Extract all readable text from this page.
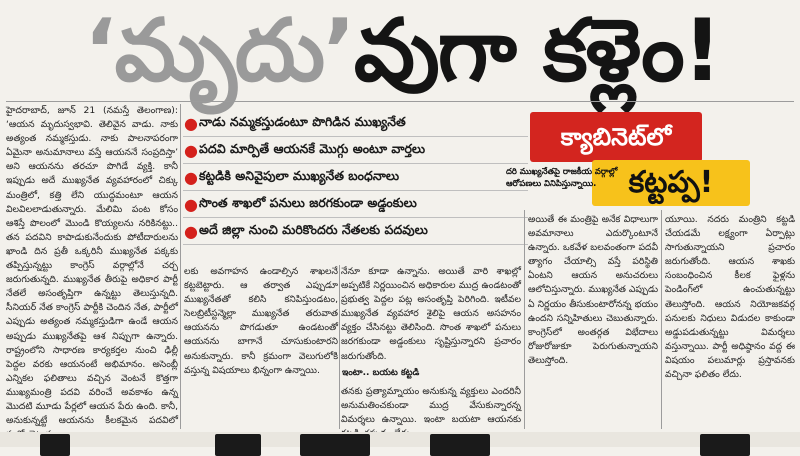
‘మృదు’వుగా కళ్లెం!
హైదరాబాద్, జూన్ 21 (నమస్తే తెలంగాణ): ‘ఆయన మృదుస్వభావి. తెలివైన వాడు. నాకు అత్యంత నమ్మకస్తుడు. నాకు పాలనాపరంగా ఏమైనా అనుమానాలు వస్తే ఆయననే సంప్రదిస్తా’ అని ఆయనను తరచూ పొగిడే వ్యక్తి. కానీ ఇప్పుడు అదే ముఖ్యనేత వ్యవహారంలో చిక్కు మంత్రిలో, కత్తి లేని యుద్ధమంటూ ఆయన విలవిలలాడుతున్నారు. మేలిమి పంట కోసం ఆశిస్తే పొలంలో మొండి కొయ్యలను నరికినట్టు.. తన పదవిని కాపాడుకునేందుకు పోటీదారులను ఖాండి దిన ప్రతీ ఒక్కరినీ ముఖ్యనేత పక్కకు తప్పిస్తున్నట్టు కాంగ్రెస్ వర్గాల్లోనే చర్చ జరుగుతున్నది. ముఖ్యనేత తీరుపై అధికార పార్టీ నేతలే అసంతృప్తిగా ఉన్నట్టు తెలుస్తున్నది. సీనియర్ నేత కాంగ్రెస్ పార్టీకి చెందిన నేత, పార్టీలో ఎప్పుడు అత్యంత నమ్మకస్తుడిగా ఉండే ఆయన అప్పుడు ముఖ్యనేతపై ఆశ నిప్పుగా ఉన్నారు. రాష్ట్రంలోని సాధారణ కార్యకర్తల నుంచి ఢిల్లీ పెద్దల వరకు ఆయనంటే అభిమానం. అసెంబ్లీ ఎన్నికల ఫలితాలు వచ్చిన వెంటనే కొత్తగా ముఖ్యమంత్రి పదవి వరించే అవకాశం ఉన్న మొదటి మూడు పేర్లలో ఆయన పేరు ఉంది. కానీ, అనుకున్నట్టే ఆయనను కీలకమైన పదవిలో
● నాడు నమ్మకస్తుడంటూ పొగిడిన ముఖ్యనేత
● పదవి మార్పితే ఆయనకే మొగ్గు అంటూ వార్తలు
● కట్టడికి అనివైపులా ముఖ్యనేత బంధనాలు
● సొంత శాఖలో పనులు జరగకుండా అడ్డంకులు
● అదే జిల్లా నుంచి మరికొందరు నేతలకు పదవులు
క్యాబినెట్‌లో
కట్టప్ప!
దరి ముఖ్యనేతపై రాజకీయ వర్గాల్లో ఆరోపణలు వినిపిస్తున్నాయి.
లకు అవగాహన ఉండాల్సిన శాఖలనే కట్టబెట్టారు. ఆ తర్వాత ఎప్పుడూ ముఖ్యనేతతో కలిసి కనిపిస్తుండటం, సెలబ్రిటీస్టన్మెల్లా ముఖ్యనేత తరువాత ఆయనను పొగడుతూ ఉండటంతో ఆయనను బాగానే చూసుకుంటారని అనుకున్నారు. కానీ క్రమంగా వెలుగులోకి వస్తున్న విషయాలు భిన్నంగా ఉన్నాయి.
నేనూ కూడా ఉన్నాను. అయితే వారి శాఖల్లో అప్పటికే నిర్ణయించిన అధికారుల ముద్ర ఉండటంతో ప్రభుత్వ పెద్దల పట్ల అసంతృప్తి పెరిగింది. ఇటీవల ముఖ్యనేత వ్యవహార శైలిపై ఆయన అసహనం వ్యక్తం చేసినట్టు తెలిసింది. సొంత శాఖలో పనులు జరగకుండా అడ్డంకులు సృష్టిస్తున్నారని ప్రచారం జరుగుతోంది.
ఇంటా.. బయట కట్టడి
తనకు ప్రత్యామ్నాయం అనుకున్న వ్యక్తులు ఎందరినీ అనుమతించకుండా ముద్ర వేసుకున్నారన్న విమర్శలు ఉన్నాయి. ఇంటా బయటా ఆయనకు
అయితే ఈ మంత్రిపై అనేక విధాలుగా అవమానాలు ఎదుర్కొంటూనే ఉన్నారు. ఒకవేళ బలవంతంగా పదవీ త్యాగం చేయాల్సి వస్తే పరిస్థితి ఏంటని ఆయన అనుచరులు ఆలోచిస్తున్నారు. ముఖ్యనేత ఎప్పుడు ఏ నిర్ణయం తీసుకుంటారోనన్న భయం ఉందని సన్నిహితులు చెబుతున్నారు. కాంగ్రెస్‌లో అంతర్గత విభేదాలు రోజురోజుకూ పెరుగుతున్నాయని తెలుస్తోంది.
యూయి. నదరు మంత్రిని కట్టడి చేయడమే లక్ష్యంగా ఏర్పాట్లు సాగుతున్నాయని ప్రచారం జరుగుతోంది. ఆయన శాఖకు సంబంధించిన కీలక ఫైళ్లను పెండింగ్‌లో ఉంచుతున్నట్టు తెలుస్తోంది. ఆయన నియోజకవర్గ పనులకు నిధులు విడుదల కాకుండా అడ్డుపడుతున్నట్టు విమర్శలు వస్తున్నాయి. పార్టీ అధిష్ఠానం వద్ద ఈ విషయం పలుమార్లు ప్రస్తావనకు వచ్చినా ఫలితం లేదు.
